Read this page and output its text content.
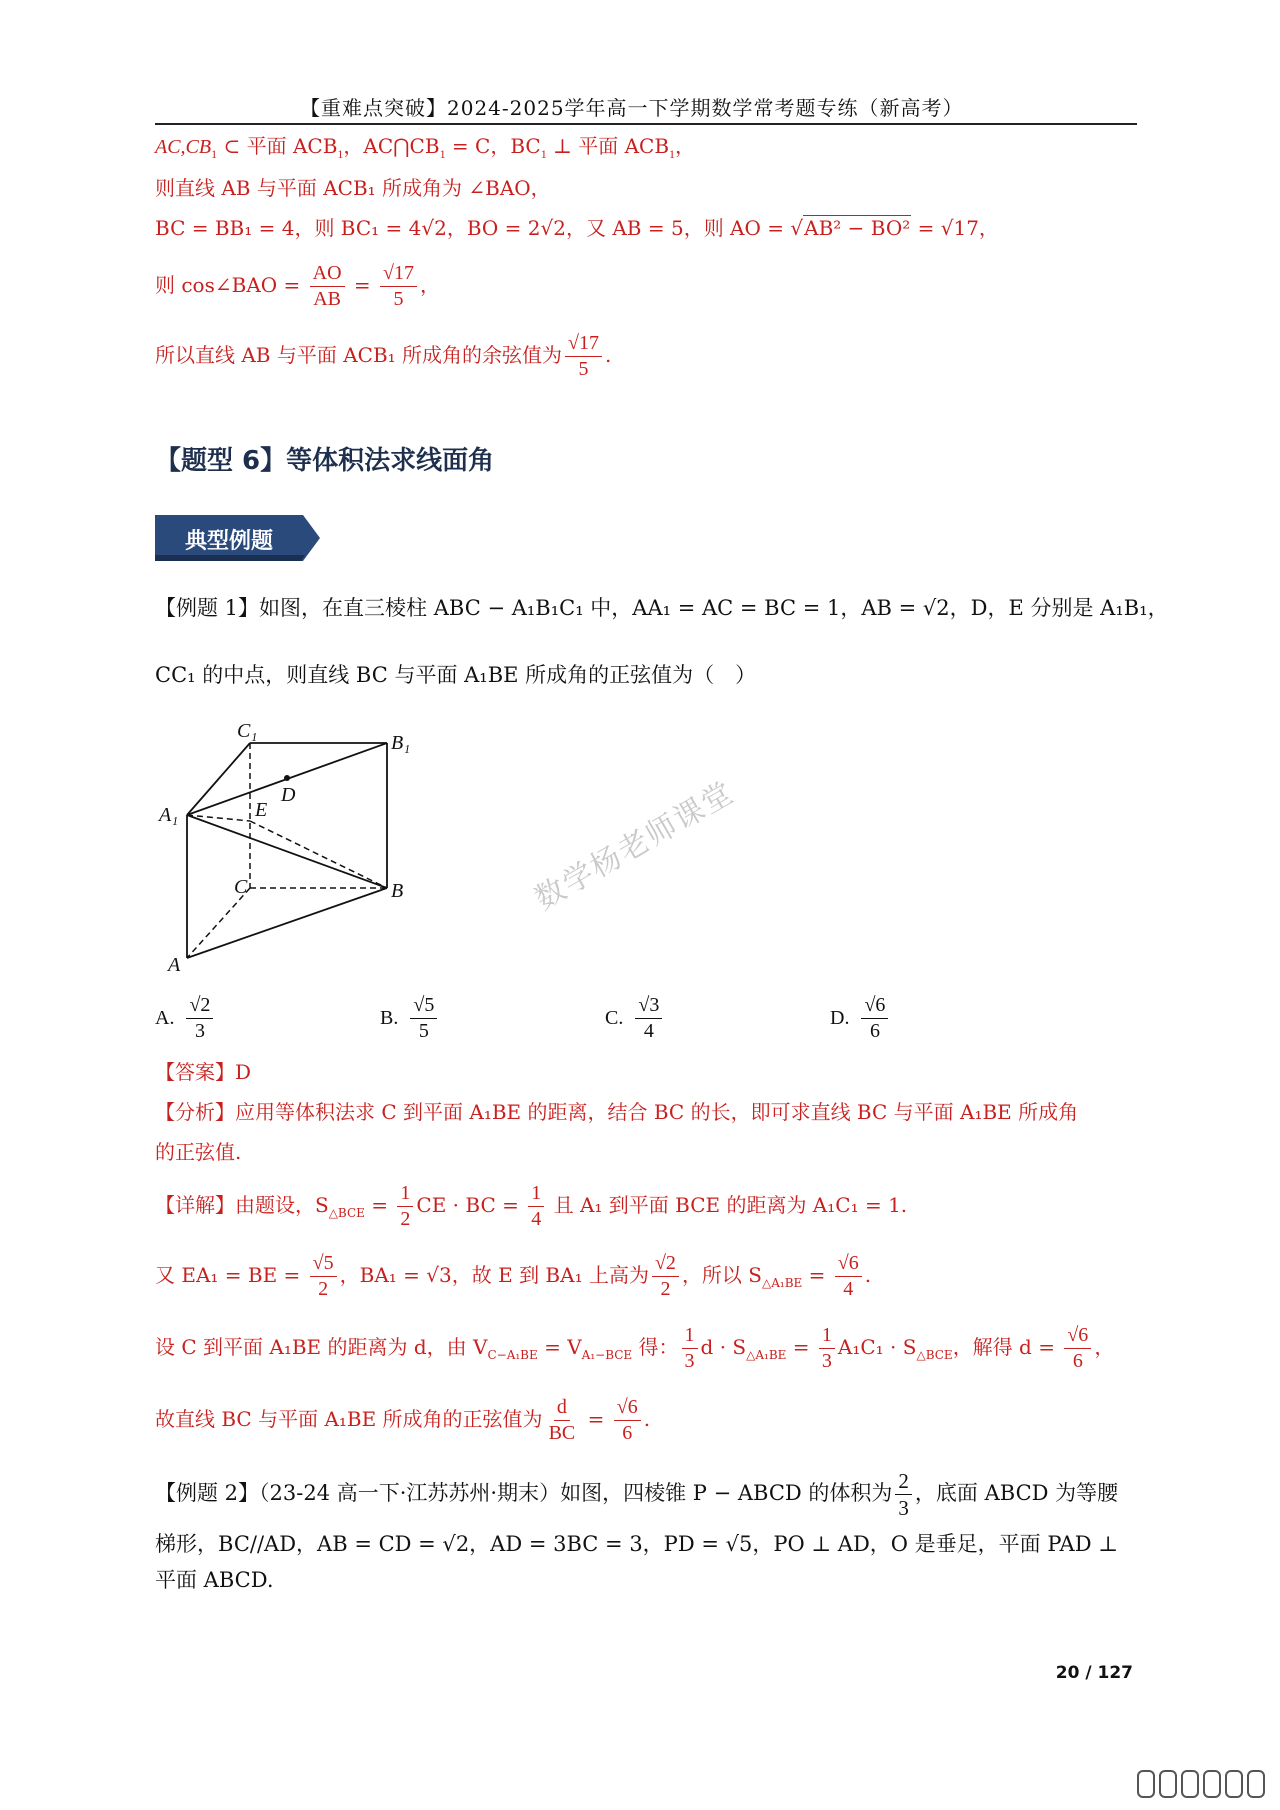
【重难点突破】2024-2025学年高一下学期数学常考题专练（新高考）
$AC,CB_1$ ⊂ 平面 $ACB_1$，$AC⋂CB_1 = C$，$BC_1$ ⊥ 平面 $ACB_1$，
则直线 AB 与平面 ACB₁ 所成角为 ∠BAO，
BC = BB₁ = 4，则 BC₁ = 4√2，BO = 2√2，又 AB = 5，则 AO = √AB² − BO² = √17，
则 cos∠BAO = $\frac{AO}{AB} = \frac{√17}{5}$ ，
所以直线 AB 与平面 ACB₁ 所成角的余弦值为 $\frac{√17}{5}$ .
【题型 6】等体积法求线面角
典型例题
【例题 1】如图，在直三棱柱 ABC − A₁B₁C₁ 中，AA₁ = AC = BC = 1，AB = √2，D，E 分别是 A₁B₁，
CC₁ 的中点，则直线 BC 与平面 A₁BE 所成角的正弦值为（　）
C₁
B₁
D
A₁	E
C	B
A
数学杨老师课堂
A. $\frac{√2}{3}$	B. $\frac{√5}{5}$	C. $\frac{√3}{4}$	D. $\frac{√6}{6}$
【答案】D
【分析】应用等体积法求 C 到平面 A₁BE 的距离，结合 BC 的长，即可求直线 BC 与平面 A₁BE 所成角
的正弦值.
【详解】由题设，$S_{\triangle BCE} = \frac{1}{2}$ CE · BC = $\frac{1}{4}$ 且 A₁ 到平面 BCE 的距离为 A₁C₁ = 1.
又 EA₁ = BE = $\frac{√5}{2}$ ，BA₁ = √3，故 E 到 BA₁ 上高为 $\frac{√2}{2}$ ，所以 $S_{\triangle A_1BE} = \frac{√6}{4}$ .
设 C 到平面 A₁BE 的距离为 d，由 $V_{C-A_1BE} = V_{A_1-BCE}$ 得： $\frac{1}{3}$ $d \cdot S_{\triangle A_1BE} = \frac{1}{3} A_1C_1 \cdot S_{\triangle BCE}$，解得 $d = \frac{√6}{6}$ ，
故直线 BC 与平面 A₁BE 所成角的正弦值为 $\frac{d}{BC} = \frac{√6}{6}$ .
【例题 2】（23-24 高一下·江苏苏州·期末）如图，四棱锥 P − ABCD 的体积为 $\frac{2}{3}$ ，底面 ABCD 为等腰
梯形，BC//AD，AB = CD = √2，AD = 3BC = 3，PD = √5，PO ⊥ AD，O 是垂足，平面 PAD ⊥
平面 ABCD.
20 / 127
